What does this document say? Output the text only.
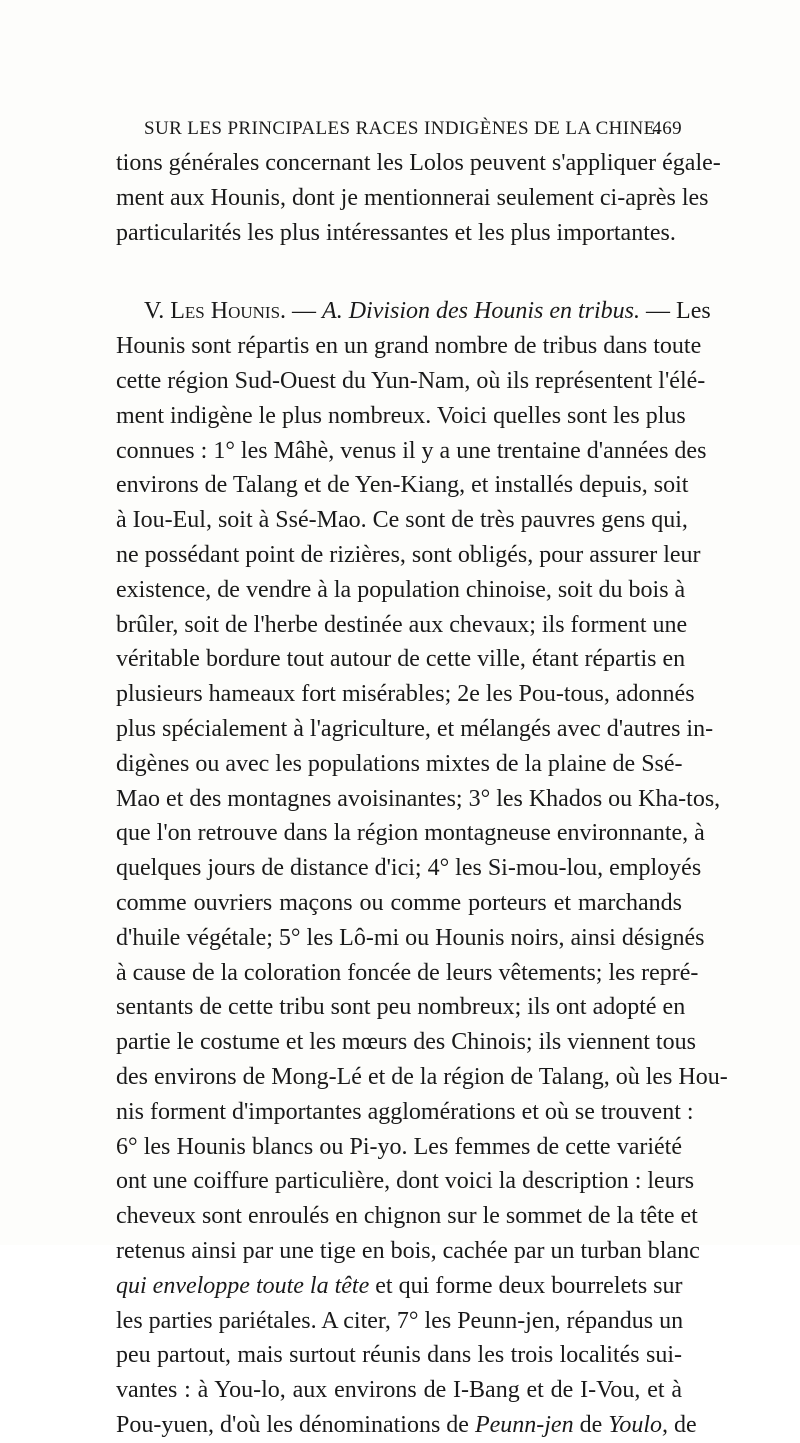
SUR LES PRINCIPALES RACES INDIGÈNES DE LA CHINE.
469
tions générales concernant les Lolos peuvent s'appliquer égale-
ment aux Hounis, dont je mentionnerai seulement ci-après les
particularités les plus intéressantes et les plus importantes.
V. Les Hounis. — A. Division des Hounis en tribus. — Les
Hounis sont répartis en un grand nombre de tribus dans toute
cette région Sud-Ouest du Yun-Nam, où ils représentent l'élé-
ment indigène le plus nombreux. Voici quelles sont les plus
connues : 1° les Mâhè, venus il y a une trentaine d'années des
environs de Talang et de Yen-Kiang, et installés depuis, soit
à Iou-Eul, soit à Ssé-Mao. Ce sont de très pauvres gens qui,
ne possédant point de rizières, sont obligés, pour assurer leur
existence, de vendre à la population chinoise, soit du bois à
brûler, soit de l'herbe destinée aux chevaux; ils forment une
véritable bordure tout autour de cette ville, étant répartis en
plusieurs hameaux fort misérables; 2e les Pou-tous, adonnés
plus spécialement à l'agriculture, et mélangés avec d'autres in-
digènes ou avec les populations mixtes de la plaine de Ssé-
Mao et des montagnes avoisinantes; 3° les Khados ou Kha-tos,
que l'on retrouve dans la région montagneuse environnante, à
quelques jours de distance d'ici; 4° les Si-mou-lou, employés
comme ouvriers maçons ou comme porteurs et marchands
d'huile végétale; 5° les Lô-mi ou Hounis noirs, ainsi désignés
à cause de la coloration foncée de leurs vêtements; les repré-
sentants de cette tribu sont peu nombreux; ils ont adopté en
partie le costume et les mœurs des Chinois; ils viennent tous
des environs de Mong-Lé et de la région de Talang, où les Hou-
nis forment d'importantes agglomérations et où se trouvent :
6° les Hounis blancs ou Pi-yo. Les femmes de cette variété
ont une coiffure particulière, dont voici la description : leurs
cheveux sont enroulés en chignon sur le sommet de la tête et
retenus ainsi par une tige en bois, cachée par un turban blanc
qui enveloppe toute la tête et qui forme deux bourrelets sur
les parties pariétales. A citer, 7° les Peunn-jen, répandus un
peu partout, mais surtout réunis dans les trois localités sui-
vantes : à You-lo, aux environs de I-Bang et de I-Vou, et à
Pou-yuen, d'où les dénominations de Peunn-jen de Youlo, de
